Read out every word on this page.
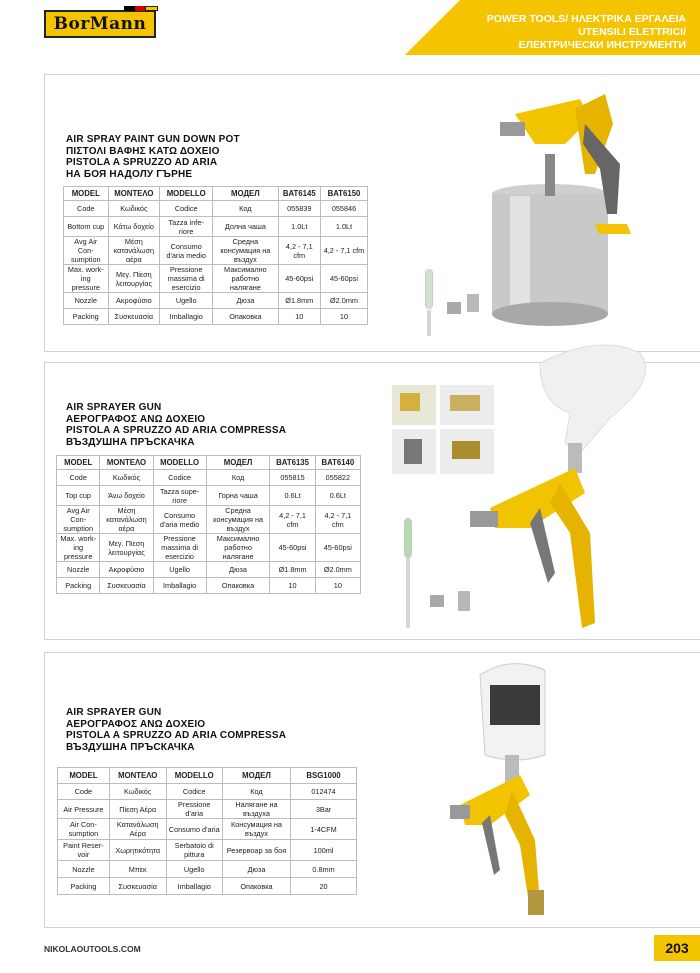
BorMann	POWER TOOLS/ ΗΛΕΚΤΡΙΚΑ ΕΡΓΑΛΕΙΑ
UTENSILI ELETTRICI/
ЕЛЕКТРИЧЕСКИ ИНСТРУМЕНТИ
AIR SPRAY PAINT GUN DOWN POT
ΠΙΣΤΟΛΙ ΒΑΦΗΣ ΚΑΤΩ ΔΟΧΕΙΟ
PISTOLA A SPRUZZO AD ARIA
НА БОЯ НАДОЛУ ГЪРНЕ
MODEL	ΜΟΝΤΕΛΟ	MODELLO	МОДЕЛ	BAT6145	BAT6150
Code	Κωδικός	Codice	Код	055839	055846
Bottom cup	Κάτω δοχείο	Tazza infe-riore	Долна чаша	1.0Lt	1.0Lt
Avg Air Con-sumption	Μέση κατανάλωση αέρα	Consumo d'aria medio	Средна консумация на въздух	4,2 - 7,1 cfm	4,2 - 7,1 cfm
Max. work-ing pressure	Μεγ. Πίεση λειτουργίας	Pressione massima di esercizio	Максимално работно налягане	45-60psi	45-60psi
Nozzle	Ακροφύσιο	Ugello	Дюза	Ø1.8mm	Ø2.0mm
Packing	Συσκευασία	Imballagio	Опаковка	10	10
AIR SPRAYER GUN
ΑΕΡΟΓΡΑΦΟΣ ΑΝΩ ΔΟΧΕΙΟ
PISTOLA A SPRUZZO AD ARIA COMPRESSA
ВЪЗДУШНА ПРЪСКАЧКА
MODEL	ΜΟΝΤΕΛΟ	MODELLO	МОДЕЛ	BAT6135	BAT6140
Code	Κωδικός	Codice	Код	055815	055822
Top cup	Άνω δοχείο	Tazza supe-riore	Горна чаша	0.6Lt	0.6Lt
Avg Air Con-sumption	Μέση κατανάλωση αέρα	Consumo d'aria medio	Средна консумация на въздух	4,2 - 7,1 cfm	4,2 - 7,1 cfm
Max. work-ing pressure	Μεγ. Πίεση λειτουργίας	Pressione massima di esercizio	Максимално работно налягане	45-60psi	45-60psi
Nozzle	Ακροφύσιο	Ugello	Дюза	Ø1.8mm	Ø2.0mm
Packing	Συσκευασία	Imballagio	Опаковка	10	10
AIR SPRAYER GUN
ΑΕΡΟΓΡΑΦΟΣ ΑΝΩ ΔΟΧΕΙΟ
PISTOLA A SPRUZZO AD ARIA COMPRESSA
ВЪЗДУШНА ПРЪСКАЧКА
MODEL	ΜΟΝΤΕΛΟ	MODELLO	МОДЕЛ	BSG1000
Code	Κωδικός	Codice	Код	012474
Air Pressure	Πίεση Αέρα	Pressione d'aria	Налягане на въздуха	3Bar
Air Con-sumption	Κατανάλωση Αέρα	Consumo d'aria	Консумация на въздух	1-4CFM
Paint Reser-voir	Χωρητικότητα	Serbatoio di pittura	Резервоар за боя	100ml
Nozzle	Μπεκ	Ugello	Дюза	0.8mm
Packing	Συσκευασία	Imballagio	Опаковка	20
NIKOLAOUTOOLS.COM	203
